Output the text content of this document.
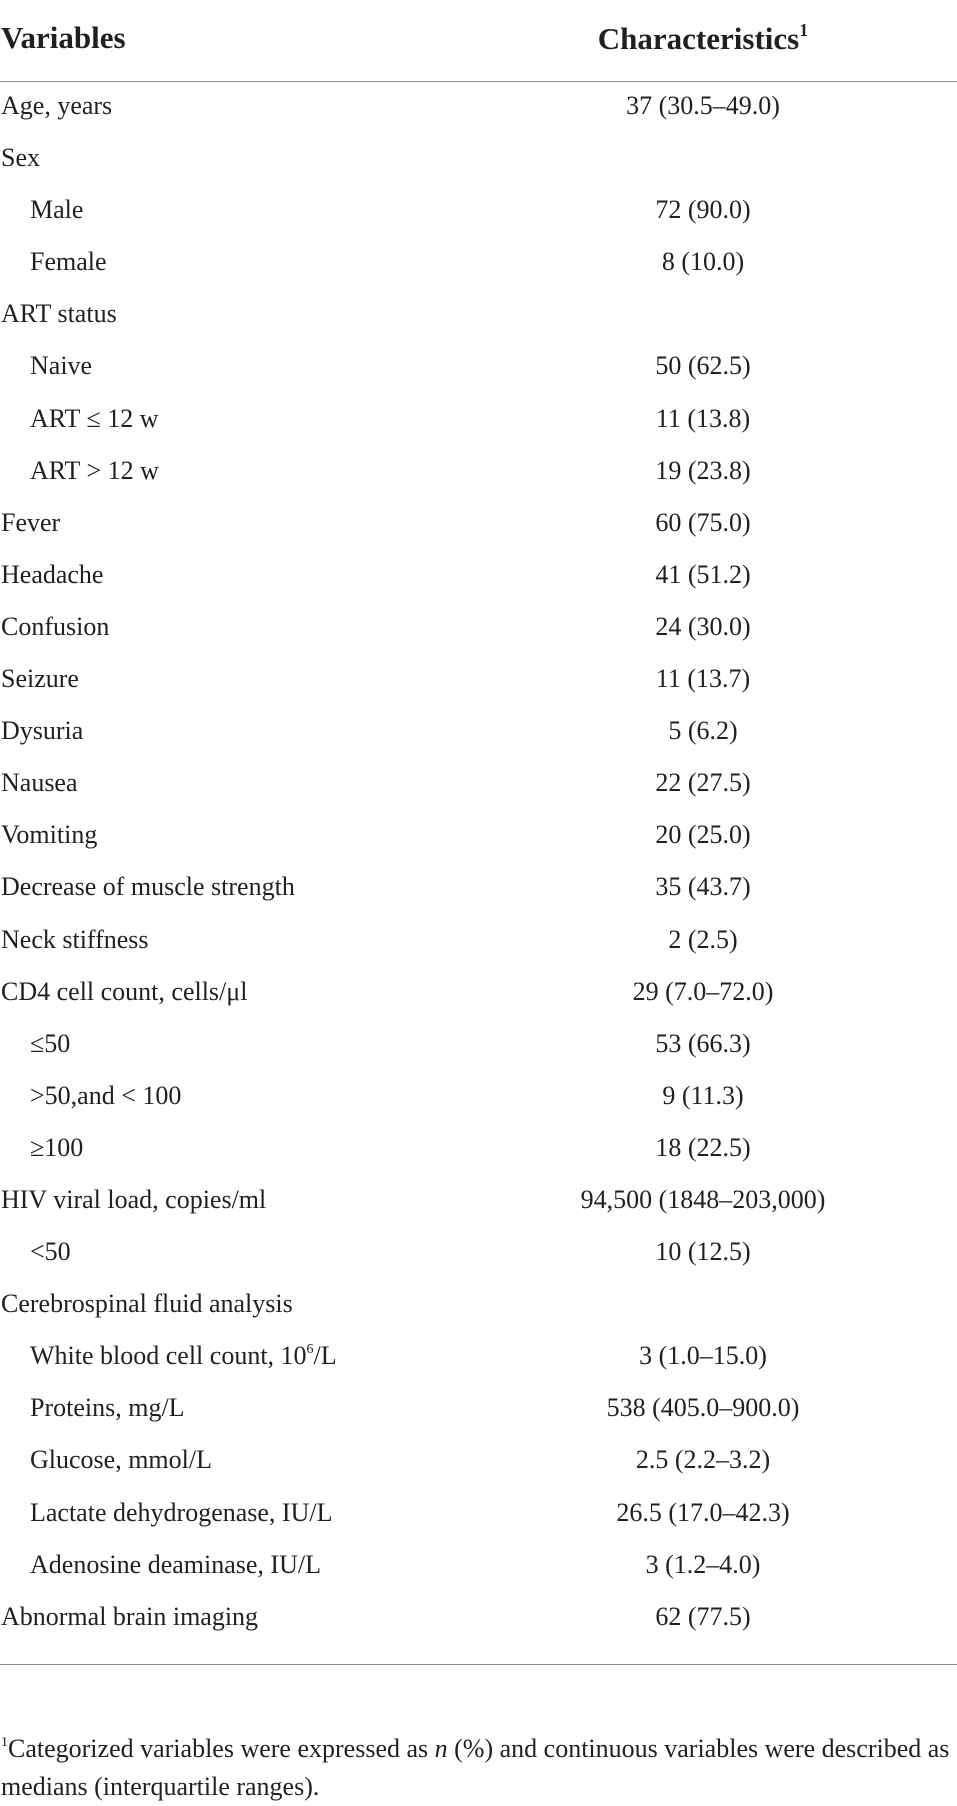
Variables	Characteristics$^1$
Age, years	37 (30.5–49.0)
Sex
Male	72 (90.0)
Female	8 (10.0)
ART status
Naive	50 (62.5)
ART ≤ 12 w	11 (13.8)
ART > 12 w	19 (23.8)
Fever	60 (75.0)
Headache	41 (51.2)
Confusion	24 (30.0)
Seizure	11 (13.7)
Dysuria	5 (6.2)
Nausea	22 (27.5)
Vomiting	20 (25.0)
Decrease of muscle strength	35 (43.7)
Neck stiffness	2 (2.5)
CD4 cell count, cells/μl	29 (7.0–72.0)
≤50	53 (66.3)
>50,and < 100	9 (11.3)
≥100	18 (22.5)
HIV viral load, copies/ml	94,500 (1848–203,000)
<50	10 (12.5)
Cerebrospinal fluid analysis
White blood cell count, $10^6/L$	3 (1.0–15.0)
Proteins, mg/L	538 (405.0–900.0)
Glucose, mmol/L	2.5 (2.2–3.2)
Lactate dehydrogenase, IU/L	26.5 (17.0–42.3)
Adenosine deaminase, IU/L	3 (1.2–4.0)
Abnormal brain imaging	62 (77.5)
$^1$Categorized variables were expressed as n (%) and continuous variables were described as medians (interquartile ranges).
